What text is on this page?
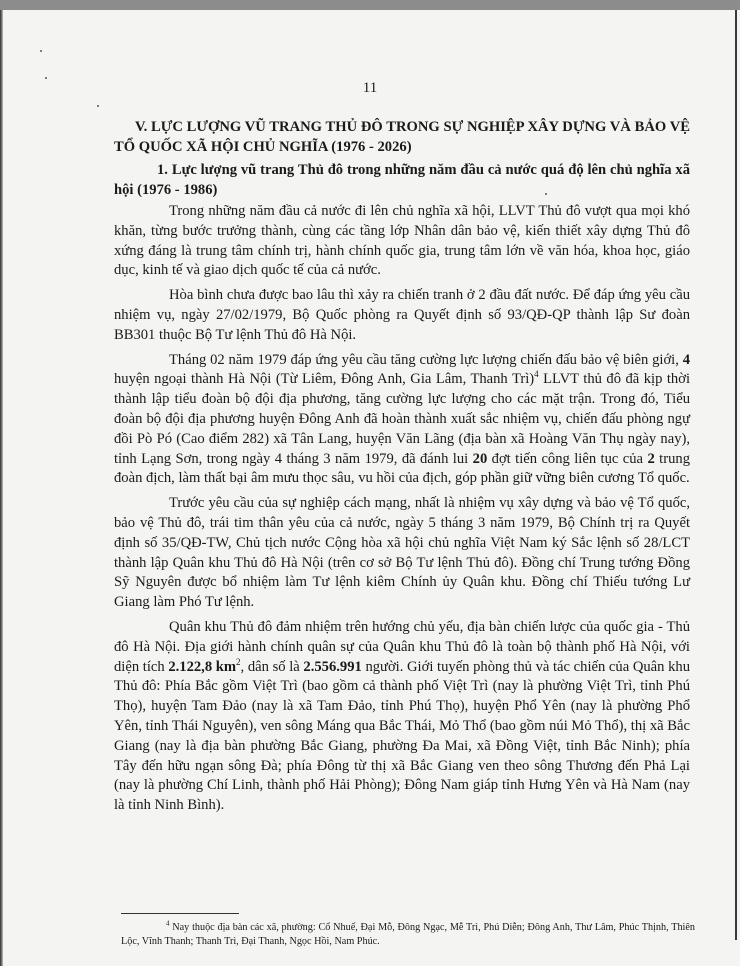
11
V. LỰC LƯỢNG VŨ TRANG THỦ ĐÔ TRONG SỰ NGHIỆP XÂY DỰNG VÀ BẢO VỆ TỔ QUỐC XÃ HỘI CHỦ NGHĨA (1976 - 2026)
1. Lực lượng vũ trang Thủ đô trong những năm đầu cả nước quá độ lên chủ nghĩa xã hội (1976 - 1986)

Trong những năm đầu cả nước đi lên chủ nghĩa xã hội, LLVT Thủ đô vượt qua mọi khó khăn, từng bước trưởng thành, cùng các tầng lớp Nhân dân bảo vệ, kiến thiết xây dựng Thủ đô xứng đáng là trung tâm chính trị, hành chính quốc gia, trung tâm lớn về văn hóa, khoa học, giáo dục, kinh tế và giao dịch quốc tế của cả nước.

Hòa bình chưa được bao lâu thì xảy ra chiến tranh ở 2 đầu đất nước. Để đáp ứng yêu cầu nhiệm vụ, ngày 27/02/1979, Bộ Quốc phòng ra Quyết định số 93/QĐ-QP thành lập Sư đoàn BB301 thuộc Bộ Tư lệnh Thủ đô Hà Nội.

Tháng 02 năm 1979 đáp ứng yêu cầu tăng cường lực lượng chiến đấu bảo vệ biên giới, 4 huyện ngoại thành Hà Nội (Từ Liêm, Đông Anh, Gia Lâm, Thanh Trì)$^4$ LLVT thủ đô đã kịp thời thành lập tiểu đoàn bộ đội địa phương, tăng cường lực lượng cho các mặt trận. Trong đó, Tiểu đoàn bộ đội địa phương huyện Đông Anh đã hoàn thành xuất sắc nhiệm vụ, chiến đấu phòng ngự đồi Pò Pó (Cao điểm 282) xã Tân Lang, huyện Văn Lãng (địa bàn xã Hoàng Văn Thụ ngày nay), tỉnh Lạng Sơn, trong ngày 4 tháng 3 năm 1979, đã đánh lui 20 đợt tiến công liên tục của 2 trung đoàn địch, làm thất bại âm mưu thọc sâu, vu hồi của địch, góp phần giữ vững biên cương Tổ quốc.

Trước yêu cầu của sự nghiệp cách mạng, nhất là nhiệm vụ xây dựng và bảo vệ Tổ quốc, bảo vệ Thủ đô, trái tim thân yêu của cả nước, ngày 5 tháng 3 năm 1979, Bộ Chính trị ra Quyết định số 35/QĐ-TW, Chủ tịch nước Cộng hòa xã hội chủ nghĩa Việt Nam ký Sắc lệnh số 28/LCT thành lập Quân khu Thủ đô Hà Nội (trên cơ sở Bộ Tư lệnh Thủ đô). Đồng chí Trung tướng Đồng Sỹ Nguyên được bổ nhiệm làm Tư lệnh kiêm Chính ủy Quân khu. Đồng chí Thiếu tướng Lư Giang làm Phó Tư lệnh.

Quân khu Thủ đô đảm nhiệm trên hướng chủ yếu, địa bàn chiến lược của quốc gia - Thủ đô Hà Nội. Địa giới hành chính quân sự của Quân khu Thủ đô là toàn bộ thành phố Hà Nội, với diện tích 2.122,8 $km^2$, dân số là 2.556.991 người. Giới tuyến phòng thủ và tác chiến của Quân khu Thủ đô: Phía Bắc gồm Việt Trì (bao gồm cả thành phố Việt Trì (nay là phường Việt Trì, tỉnh Phú Thọ), huyện Tam Đảo (nay là xã Tam Đảo, tỉnh Phú Thọ), huyện Phổ Yên (nay là phường Phổ Yên, tỉnh Thái Nguyên), ven sông Máng qua Bắc Thái, Mỏ Thổ (bao gồm núi Mỏ Thổ), thị xã Bắc Giang (nay là địa bàn phường Bắc Giang, phường Đa Mai, xã Đồng Việt, tỉnh Bắc Ninh); phía Tây đến hữu ngạn sông Đà; phía Đông từ thị xã Bắc Giang ven theo sông Thương đến Phả Lại (nay là phường Chí Linh, thành phố Hải Phòng); Đông Nam giáp tỉnh Hưng Yên và Hà Nam (nay là tỉnh Ninh Bình).

$^4$ Nay thuộc địa bàn các xã, phường: Cổ Nhuế, Đại Mỗ, Đông Ngạc, Mễ Trì, Phú Diễn; Đông Anh, Thư Lâm, Phúc Thịnh, Thiên Lộc, Vĩnh Thanh; Thanh Trì, Đại Thanh, Ngọc Hồi, Nam Phúc.
